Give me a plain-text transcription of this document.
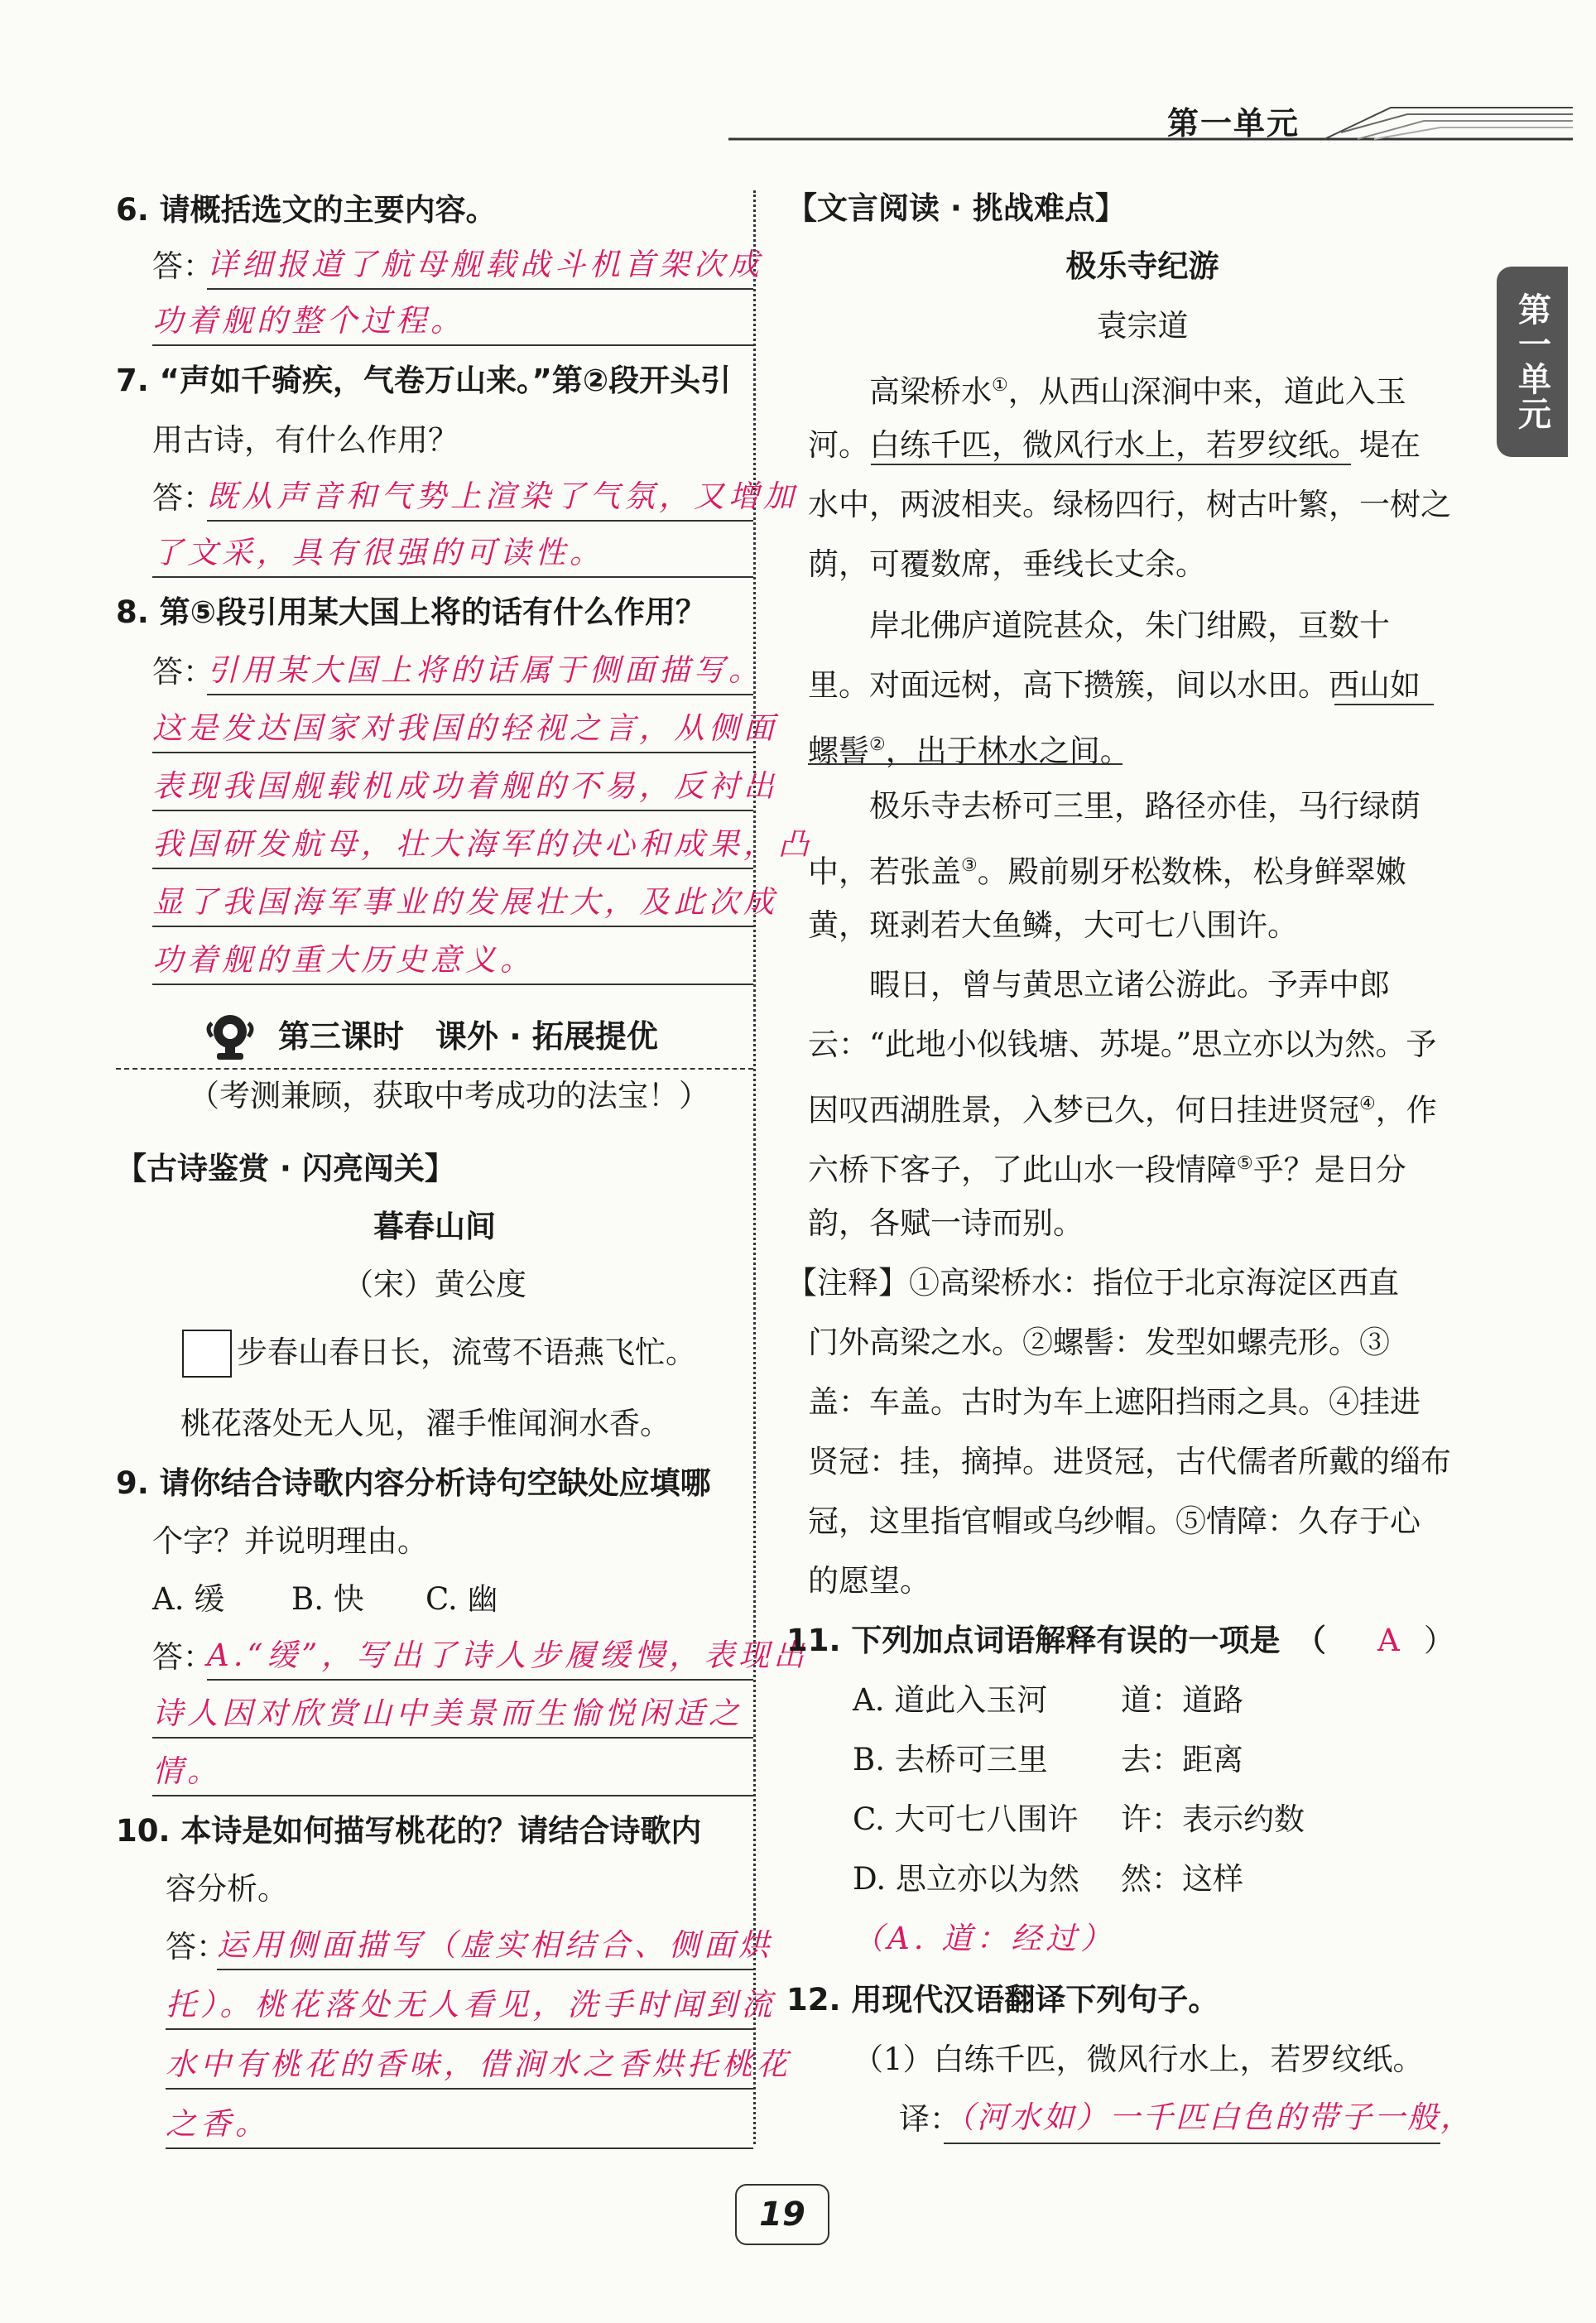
第一单元
第一单元
6. 请概括选文的主要内容。
答：
详细报道了航母舰载战斗机首架次成
功着舰的整个过程。
7. “声如千骑疾，气卷万山来。”第②段开头引
用古诗，有什么作用？
答：
既从声音和气势上渲染了气氛，又增加
了文采，具有很强的可读性。
8. 第⑤段引用某大国上将的话有什么作用？
答：
引用某大国上将的话属于侧面描写。
这是发达国家对我国的轻视之言，从侧面
表现我国舰载机成功着舰的不易，反衬出
我国研发航母，壮大海军的决心和成果，凸
显了我国海军事业的发展壮大，及此次成
功着舰的重大历史意义。
第三课时　课外 · 拓展提优
（考测兼顾，获取中考成功的法宝！）
【古诗鉴赏 · 闪亮闯关】
暮春山间
（宋）黄公度
步春山春日长，流莺不语燕飞忙。
桃花落处无人见，濯手惟闻涧水香。
9. 请你结合诗歌内容分析诗句空缺处应填哪
个字？并说明理由。
A. 缓 B. 快 C. 幽
答：
A.“缓”，写出了诗人步履缓慢，表现出
诗人因对欣赏山中美景而生愉悦闲适之
情。
10. 本诗是如何描写桃花的？请结合诗歌内
容分析。
答：
运用侧面描写（虚实相结合、侧面烘
托）。桃花落处无人看见，洗手时闻到流
水中有桃花的香味，借涧水之香烘托桃花
之香。
【文言阅读 · 挑战难点】
极乐寺纪游
袁宗道
高梁桥水①，从西山深涧中来，道此入玉
河。白练千匹，微风行水上，若罗纹纸。堤在
水中，两波相夹。绿杨四行，树古叶繁，一树之
荫，可覆数席，垂线长丈余。
岸北佛庐道院甚众，朱门绀殿，亘数十
里。对面远树，高下攒簇，间以水田。西山如
螺髻②，出于林水之间。
极乐寺去桥可三里，路径亦佳，马行绿荫
中，若张盖③。殿前剔牙松数株，松身鲜翠嫩
黄，斑剥若大鱼鳞，大可七八围许。
暇日，曾与黄思立诸公游此。予弄中郎
云：“此地小似钱塘、苏堤。”思立亦以为然。予
因叹西湖胜景，入梦已久，何日挂进贤冠④，作
六桥下客子，了此山水一段情障⑤乎？是日分
韵，各赋一诗而别。
【注释】①高梁桥水：指位于北京海淀区西直
门外高梁之水。②螺髻：发型如螺壳形。③
盖：车盖。古时为车上遮阳挡雨之具。④挂进
贤冠：挂，摘掉。进贤冠，古代儒者所戴的缁布
冠，这里指官帽或乌纱帽。⑤情障：久存于心
的愿望。
11. 下列加点词语解释有误的一项是　（ A ）
A. 道此入玉河 道：道路
B. 去桥可三里 去：距离
C. 大可七八围许 许：表示约数
D. 思立亦以为然 然：这样
（A. 道：经过）
12. 用现代汉语翻译下列句子。
（1）白练千匹，微风行水上，若罗纹纸。
译：
（河水如）一千匹白色的带子一般，
19
